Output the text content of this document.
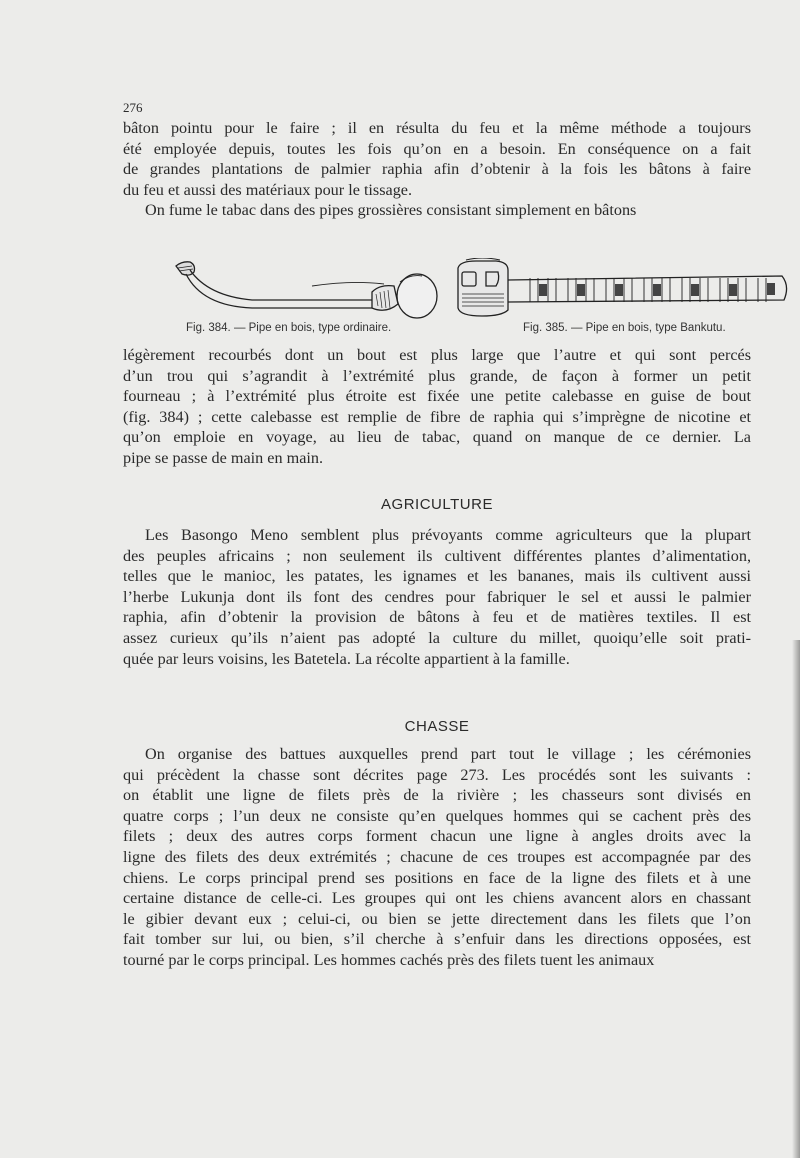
276

bâton pointu pour le faire ; il en résulta du feu et la même méthode a toujours
été employée depuis, toutes les fois qu’on en a besoin. En conséquence on a fait
de grandes plantations de palmier raphia afin d’obtenir à la fois les bâtons à faire
du feu et aussi des matériaux pour le tissage.
On fume le tabac dans des pipes grossières consistant simplement en bâtons

Fig. 384. — Pipe en bois, type ordinaire.	Fig. 385. — Pipe en bois, type Bankutu.

légèrement recourbés dont un bout est plus large que l’autre et qui sont percés
d’un trou qui s’agrandit à l’extrémité plus grande, de façon à former un petit
fourneau ; à l’extrémité plus étroite est fixée une petite calebasse en guise de bout
(fig. 384) ; cette calebasse est remplie de fibre de raphia qui s’imprègne de nicotine et
qu’on emploie en voyage, au lieu de tabac, quand on manque de ce dernier. La
pipe se passe de main en main.

AGRICULTURE

Les Basongo Meno semblent plus prévoyants comme agriculteurs que la plupart
des peuples africains ; non seulement ils cultivent différentes plantes d’alimentation,
telles que le manioc, les patates, les ignames et les bananes, mais ils cultivent aussi
l’herbe Lukunja dont ils font des cendres pour fabriquer le sel et aussi le palmier
raphia, afin d’obtenir la provision de bâtons à feu et de matières textiles. Il est
assez curieux qu’ils n’aient pas adopté la culture du millet, quoiqu’elle soit prati-
quée par leurs voisins, les Batetela. La récolte appartient à la famille.

CHASSE

On organise des battues auxquelles prend part tout le village ; les cérémonies
qui précèdent la chasse sont décrites page 273. Les procédés sont les suivants :
on établit une ligne de filets près de la rivière ; les chasseurs sont divisés en
quatre corps ; l’un deux ne consiste qu’en quelques hommes qui se cachent près des
filets ; deux des autres corps forment chacun une ligne à angles droits avec la
ligne des filets des deux extrémités ; chacune de ces troupes est accompagnée par des
chiens. Le corps principal prend ses positions en face de la ligne des filets et à une
certaine distance de celle-ci. Les groupes qui ont les chiens avancent alors en chassant
le gibier devant eux ; celui-ci, ou bien se jette directement dans les filets que l’on
fait tomber sur lui, ou bien, s’il cherche à s’enfuir dans les directions opposées, est
tourné par le corps principal. Les hommes cachés près des filets tuent les animaux
